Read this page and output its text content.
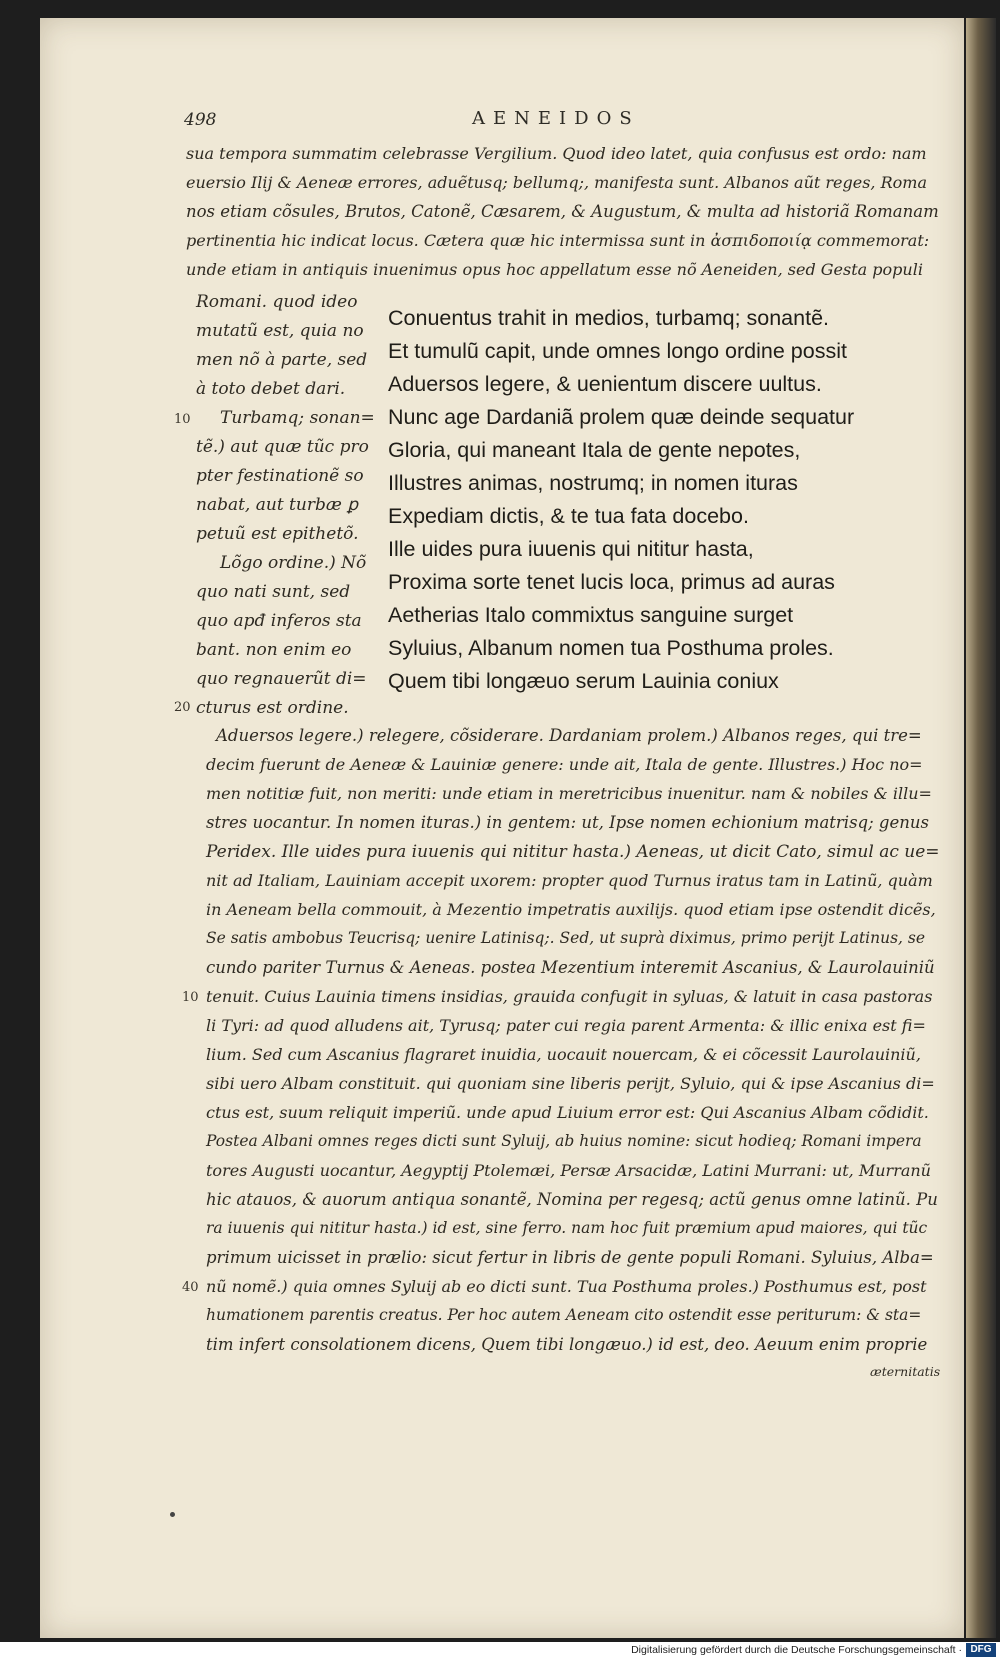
498	AENEIDOS
sua tempora summatim celebrasse Vergilium. Quod ideo latet, quia confusus est ordo: nam
euersio Ilij & Aeneæ errores, aduẽtusq; bellumq;, manifesta sunt. Albanos aũt reges, Roma
nos etiam cõsules, Brutos, Catonẽ, Cæsarem, & Augustum, & multa ad historiã Romanam
pertinentia hic indicat locus. Cætera quæ hic intermissa sunt in ἀσπιδοποιίᾳ commemorat:
unde etiam in antiquis inuenimus opus hoc appellatum esse nõ Aeneiden, sed Gesta populi
Romani. quod ideo
mutatũ est, quia no
men nõ à parte, sed
à toto debet dari.
Turbamq; sonan=
tẽ.) aut quæ tũc pro
pter festinationẽ so
nabat, aut turbæ ꝑ
petuũ est epithetõ.
Lõgo ordine.) Nõ
quo nati sunt, sed
quo apđ inferos sta
bant. non enim eo
quo regnauerũt di=
cturus est ordine.
Conuentus trahit in medios, turbamq; sonantẽ.
Et tumulũ capit, unde omnes longo ordine possit
Aduersos legere, & uenientum discere uultus.
Nunc age Dardaniã prolem quæ deinde sequatur
Gloria, qui maneant Itala de gente nepotes,
Illustres animas, nostrumq; in nomen ituras
Expediam dictis, & te tua fata docebo.
Ille uides pura iuuenis qui nititur hasta,
Proxima sorte tenet lucis loca, primus ad auras
Aetherias Italo commixtus sanguine surget
Syluius, Albanum nomen tua Posthuma proles.
Quem tibi longæuo serum Lauinia coniux
Aduersos legere.) relegere, cõsiderare. Dardaniam prolem.) Albanos reges, qui tre=
decim fuerunt de Aeneæ & Lauiniæ genere: unde ait, Itala de gente. Illustres.) Hoc no=
men notitiæ fuit, non meriti: unde etiam in meretricibus inuenitur. nam & nobiles & illu=
stres uocantur. In nomen ituras.) in gentem: ut, Ipse nomen echionium matrisq; genus
Peridex. Ille uides pura iuuenis qui nititur hasta.) Aeneas, ut dicit Cato, simul ac ue=
nit ad Italiam, Lauiniam accepit uxorem: propter quod Turnus iratus tam in Latinũ, quàm
in Aeneam bella commouit, à Mezentio impetratis auxilijs. quod etiam ipse ostendit dicẽs,
Se satis ambobus Teucrisq; uenire Latinisq;. Sed, ut suprà diximus, primo perijt Latinus, se
cundo pariter Turnus & Aeneas. postea Mezentium interemit Ascanius, & Laurolauiniũ
tenuit. Cuius Lauinia timens insidias, grauida confugit in syluas, & latuit in casa pastoras
li Tyri: ad quod alludens ait, Tyrusq; pater cui regia parent Armenta: & illic enixa est fi=
lium. Sed cum Ascanius flagraret inuidia, uocauit nouercam, & ei cõcessit Laurolauiniũ,
sibi uero Albam constituit. qui quoniam sine liberis perijt, Syluio, qui & ipse Ascanius di=
ctus est, suum reliquit imperiũ. unde apud Liuium error est: Qui Ascanius Albam cõdidit.
Postea Albani omnes reges dicti sunt Syluij, ab huius nomine: sicut hodieq; Romani impera
tores Augusti uocantur, Aegyptij Ptolemæi, Persæ Arsacidæ, Latini Murrani: ut, Murranũ
hic atauos, & auorum antiqua sonantẽ, Nomina per regesq; actũ genus omne latinũ. Pu
ra iuuenis qui nititur hasta.) id est, sine ferro. nam hoc fuit præmium apud maiores, qui tũc
primum uicisset in prælio: sicut fertur in libris de gente populi Romani. Syluius, Alba=
nũ nomẽ.) quia omnes Syluij ab eo dicti sunt. Tua Posthuma proles.) Posthumus est, post
humationem parentis creatus. Per hoc autem Aeneam cito ostendit esse periturum: & sta=
tim infert consolationem dicens, Quem tibi longæuo.) id est, deo. Aeuum enim proprie
æternitatis
10
20
10
40
Digitalisierung gefördert durch die Deutsche Forschungsgemeinschaft · DFG
